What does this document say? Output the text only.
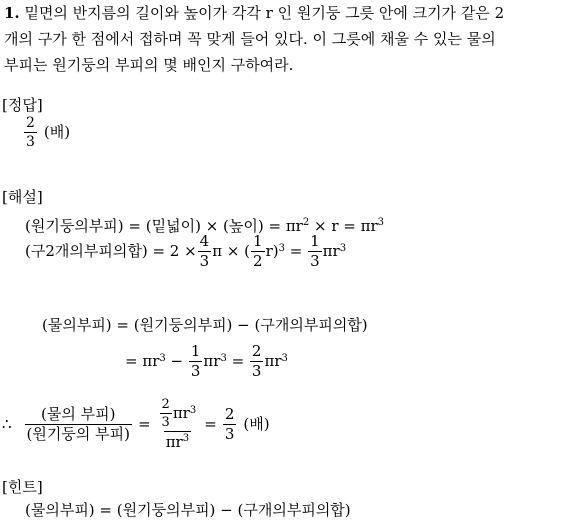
1. 밑면의 반지름의 길이와 높이가 각각 r 인 원기둥 그릇 안에 크기가 같은 2
개의 구가 한 점에서 접하며 꼭 맞게 들어 있다. 이 그릇에 채울 수 있는 물의
부피는 원기둥의 부피의 몇 배인지 구하여라.
[정답]
$\frac{2}{3}$ (배)
[해설]
(원기둥의부피) = (밑넓이) × (높이) = $\pi r^2 \times r = \pi r^3$
(구2개의부피의합) = $2 \times \frac{4}{3}$ π × ( $\frac{1}{2} r$) $3 = \frac{1}{3}$ πr 3
(물의부피) = (원기둥의부피) − (구개의부피의합)
= πr $3 - \frac{1}{3}$ πr $3 = \frac{2}{3}$ πr 3
∴ $\frac{\text{(물의 부피)}}{\text{(원기둥의 부피)}} = \frac{\frac{2}{3} \pi r 3}{\pi r^3} = \frac{2}{3}$ (배)
[힌트]
(물의부피) = (원기둥의부피) − (구개의부피의합)
